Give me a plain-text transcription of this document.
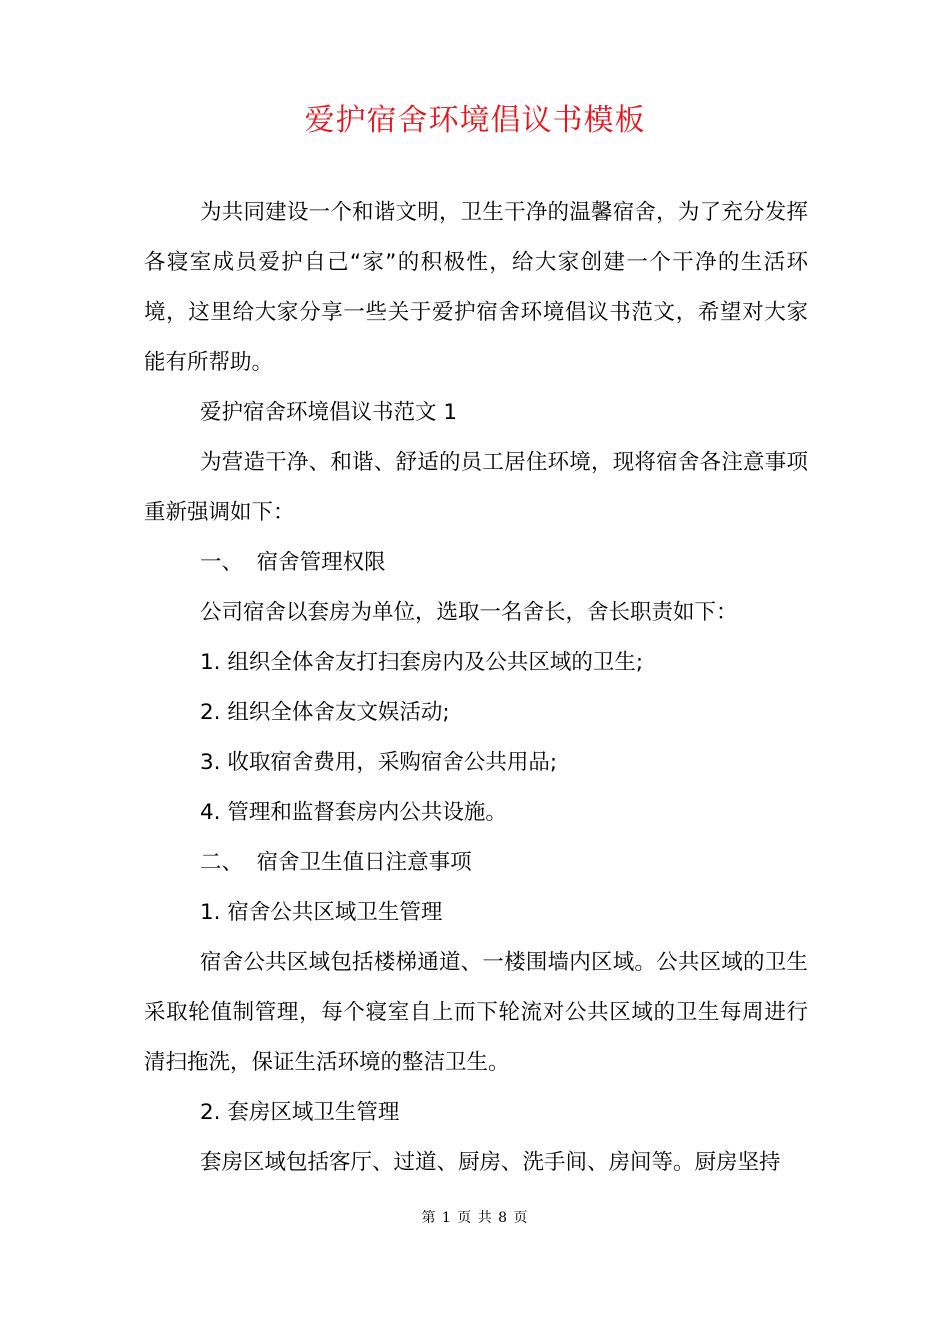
爱护宿舍环境倡议书模板

为共同建设一个和谐文明，卫生干净的温馨宿舍，为了充分发挥各寝室成员爱护自己“家”的积极性，给大家创建一个干净的生活环境，这里给大家分享一些关于爱护宿舍环境倡议书范文，希望对大家能有所帮助。

爱护宿舍环境倡议书范文 1

为营造干净、和谐、舒适的员工居住环境，现将宿舍各注意事项重新强调如下：

一、  宿舍管理权限

公司宿舍以套房为单位，选取一名舍长，舍长职责如下：

1. 组织全体舍友打扫套房内及公共区域的卫生;

2. 组织全体舍友文娱活动;

3. 收取宿舍费用，采购宿舍公共用品;

4. 管理和监督套房内公共设施。

二、  宿舍卫生值日注意事项

1. 宿舍公共区域卫生管理

宿舍公共区域包括楼梯通道、一楼围墙内区域。公共区域的卫生采取轮值制管理，每个寝室自上而下轮流对公共区域的卫生每周进行清扫拖洗，保证生活环境的整洁卫生。

2. 套房区域卫生管理

套房区域包括客厅、过道、厨房、洗手间、房间等。厨房坚持

第 1 页 共 8 页
